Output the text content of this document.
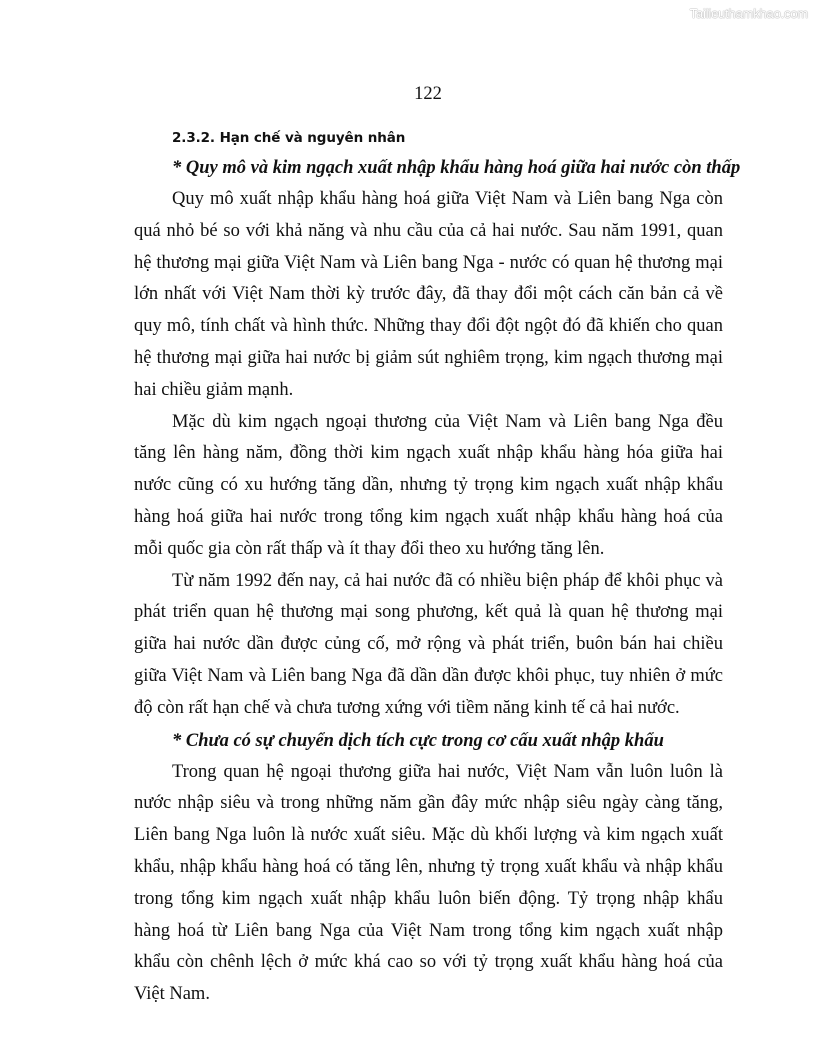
Tailieuthamkhao.com
122
2.3.2. Hạn chế và nguyên nhân
* Quy mô và kim ngạch xuất nhập khẩu hàng hoá giữa hai nước còn thấp
Quy mô xuất nhập khẩu hàng hoá giữa Việt Nam và Liên bang Nga còn
quá nhỏ bé so với khả năng và nhu cầu của cả hai nước. Sau năm 1991, quan
hệ thương mại giữa Việt Nam và Liên bang Nga - nước có quan hệ thương mại
lớn nhất với Việt Nam thời kỳ trước đây, đã thay đổi một cách căn bản cả về
quy mô, tính chất và hình thức. Những thay đổi đột ngột đó đã khiến cho quan
hệ thương mại giữa hai nước bị giảm sút nghiêm trọng, kim ngạch thương mại
hai chiều giảm mạnh.
Mặc dù kim ngạch ngoại thương của Việt Nam và Liên bang Nga đều
tăng lên hàng năm, đồng thời kim ngạch xuất nhập khẩu hàng hóa giữa hai
nước cũng có xu hướng tăng dần, nhưng tỷ trọng kim ngạch xuất nhập khẩu
hàng hoá giữa hai nước trong tổng kim ngạch xuất nhập khẩu hàng hoá của
mỗi quốc gia còn rất thấp và ít thay đổi theo xu hướng tăng lên.
Từ năm 1992 đến nay, cả hai nước đã có nhiều biện pháp để khôi phục và
phát triển quan hệ thương mại song phương, kết quả là quan hệ thương mại
giữa hai nước dần được củng cố, mở rộng và phát triển, buôn bán hai chiều
giữa Việt Nam và Liên bang Nga đã dần dần được khôi phục, tuy nhiên ở mức
độ còn rất hạn chế và chưa tương xứng với tiềm năng kinh tế cả hai nước.
* Chưa có sự chuyển dịch tích cực trong cơ cấu xuất nhập khẩu
Trong quan hệ ngoại thương giữa hai nước, Việt Nam vẫn luôn luôn là
nước nhập siêu và trong những năm gần đây mức nhập siêu ngày càng tăng,
Liên bang Nga luôn là nước xuất siêu. Mặc dù khối lượng và kim ngạch xuất
khẩu, nhập khẩu hàng hoá có tăng lên, nhưng tỷ trọng xuất khẩu và nhập khẩu
trong tổng kim ngạch xuất nhập khẩu luôn biến động. Tỷ trọng nhập khẩu
hàng hoá từ Liên bang Nga của Việt Nam trong tổng kim ngạch xuất nhập
khẩu còn chênh lệch ở mức khá cao so với tỷ trọng xuất khẩu hàng hoá của
Việt Nam.
